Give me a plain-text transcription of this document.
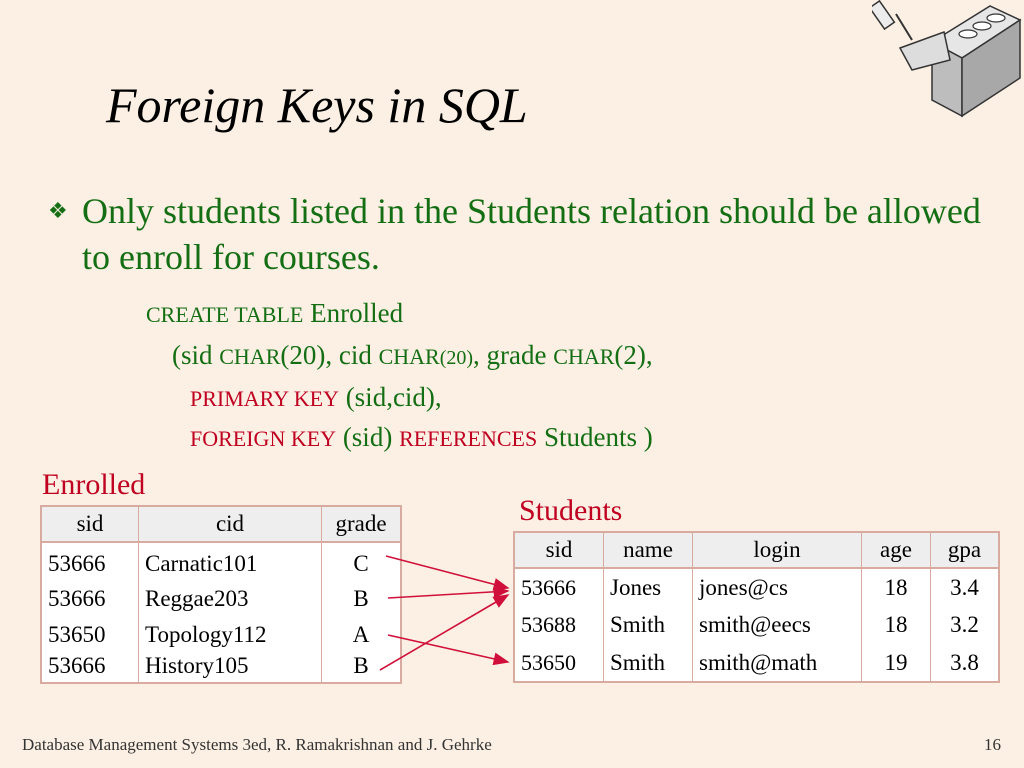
Foreign Keys in SQL
❖ Only students listed in the Students relation should be allowed to enroll for courses.
CREATE TABLE Enrolled
(sid CHAR(20), cid CHAR(20), grade CHAR(2),
PRIMARY KEY (sid,cid),
FOREIGN KEY (sid) REFERENCES Students )
Enrolled
Students
sid	cid	grade
53666	Carnatic101	C
53666	Reggae203	B
53650	Topology112	A
53666	History105	B
sid	name	login	age	gpa
53666	Jones	jones@cs	18	3.4
53688	Smith	smith@eecs	18	3.2
53650	Smith	smith@math	19	3.8
Database Management Systems 3ed, R. Ramakrishnan and J. Gehrke	16
